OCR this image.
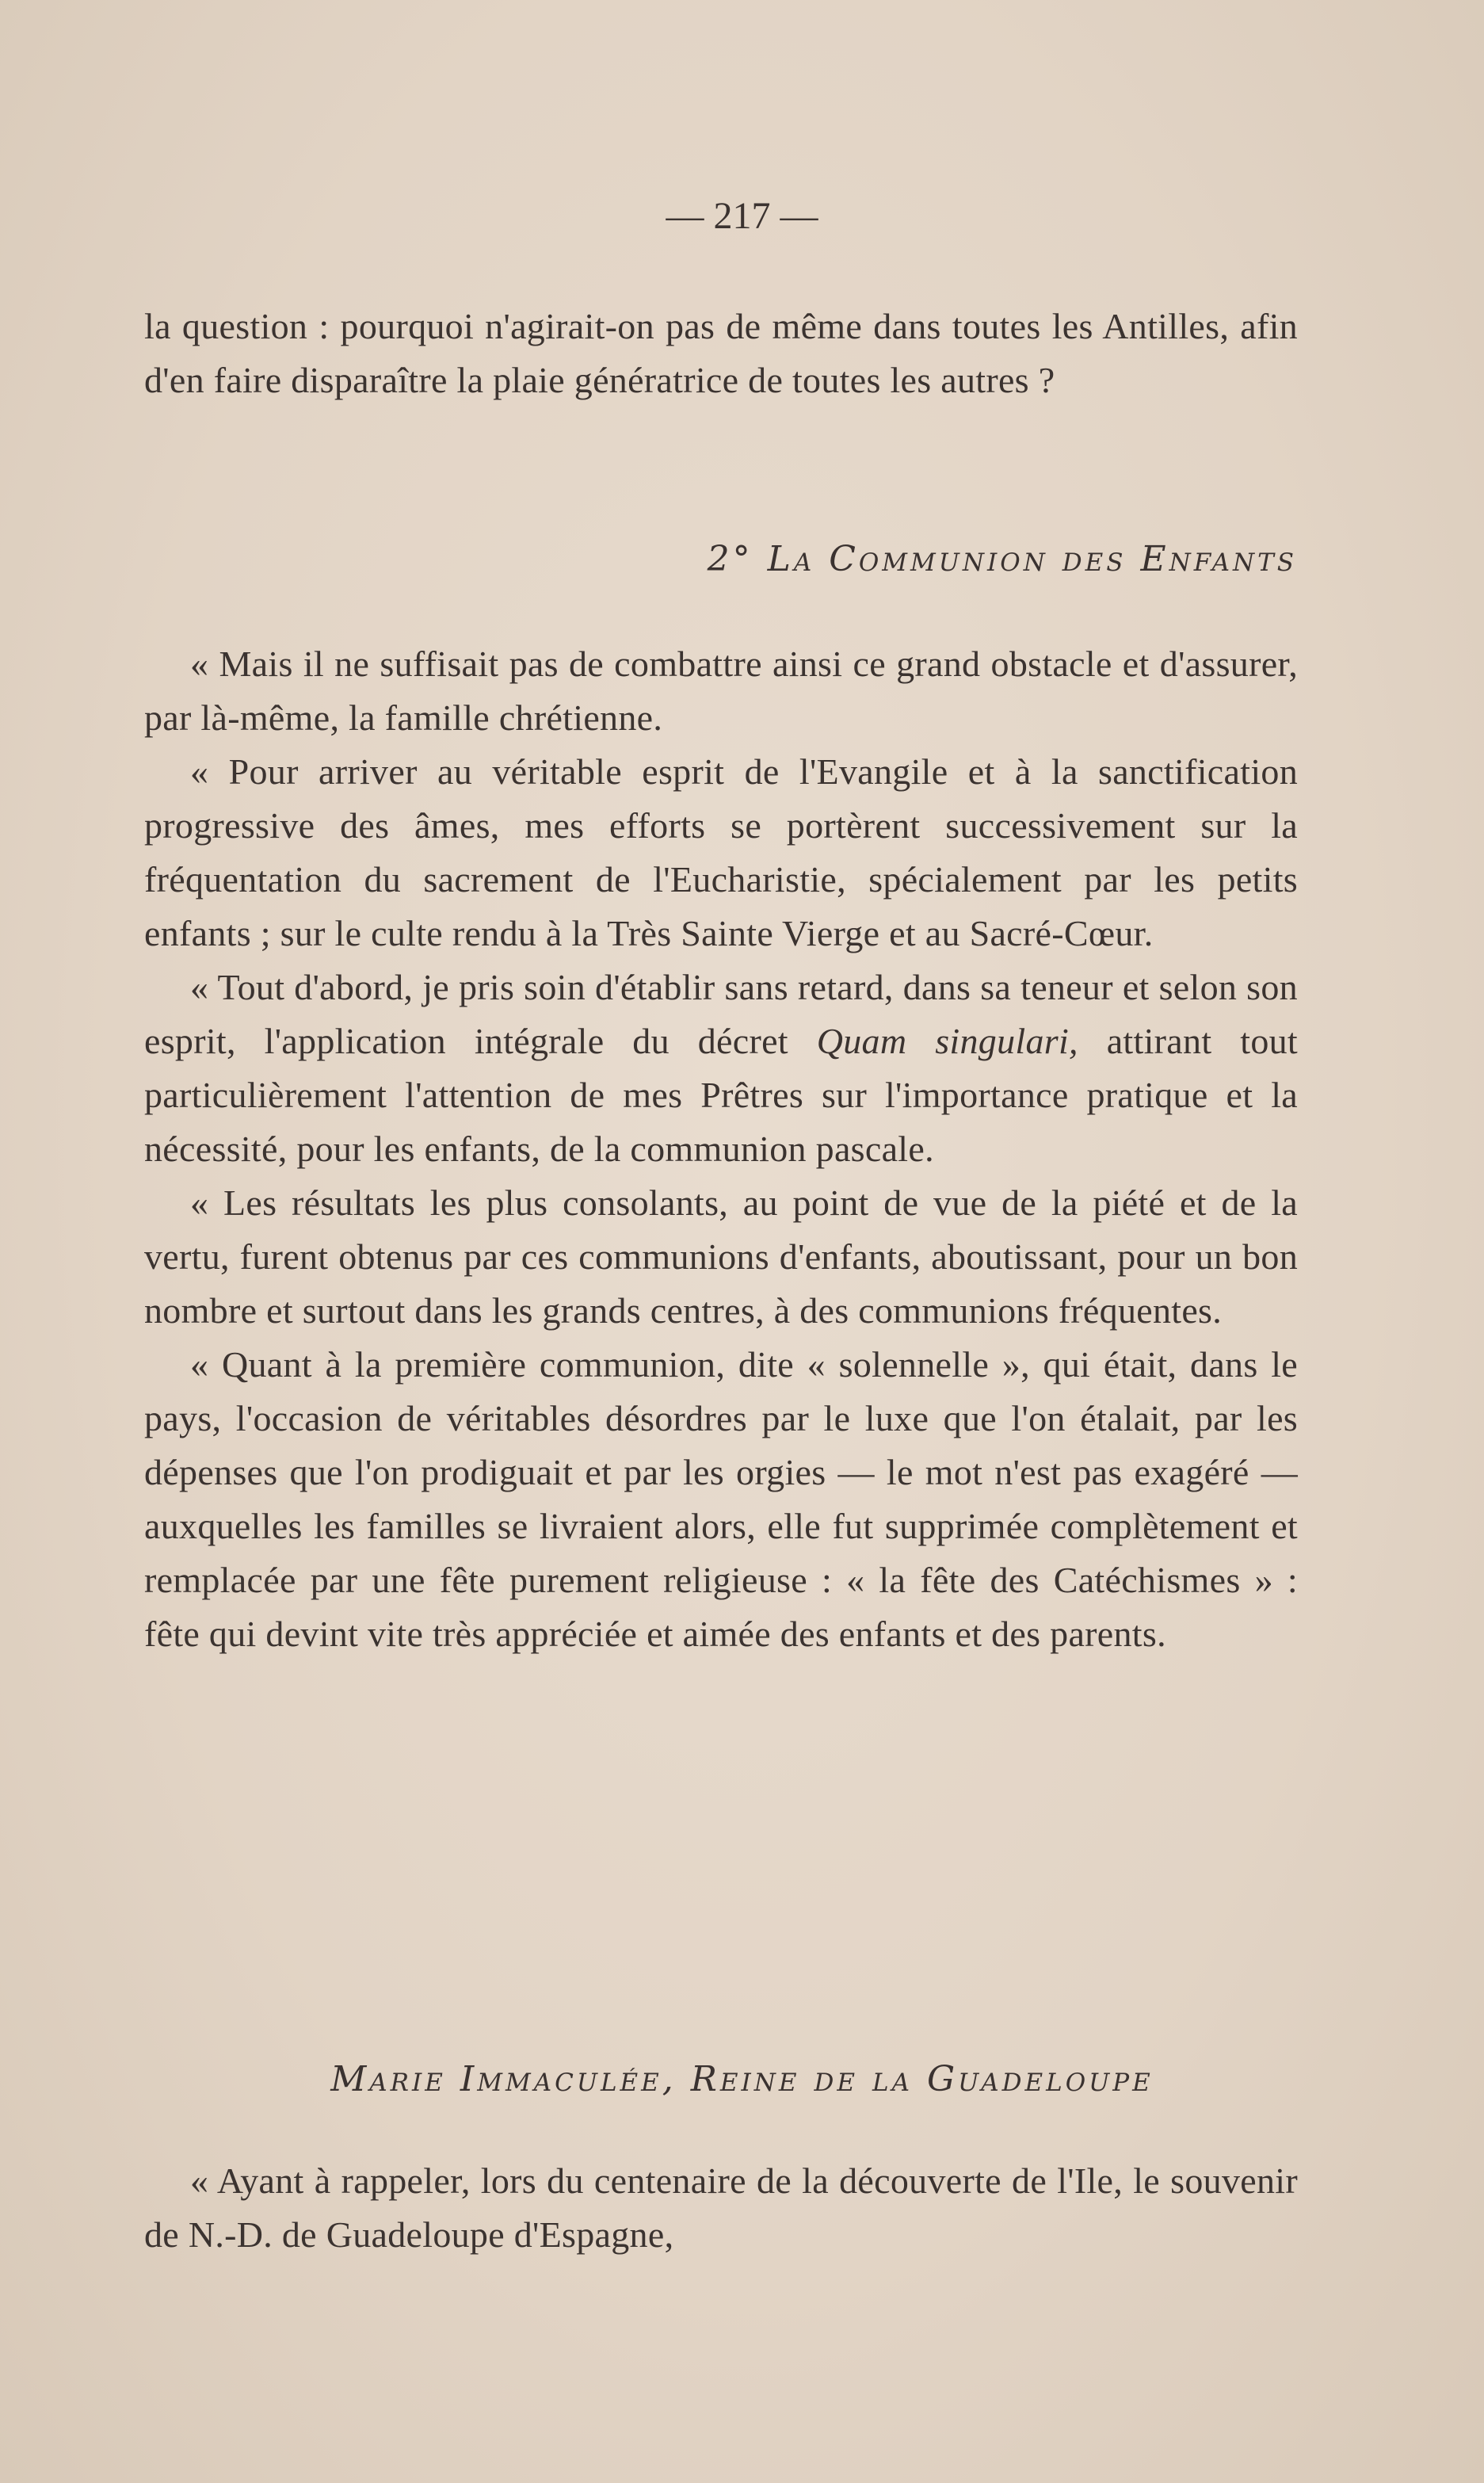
— 217 —

la question : pourquoi n'agirait-on pas de même dans toutes les Antilles, afin d'en faire disparaître la plaie génératrice de toutes les autres ?

2° La Communion des Enfants

« Mais il ne suffisait pas de combattre ainsi ce grand obstacle et d'assurer, par là-même, la famille chrétienne.

« Pour arriver au véritable esprit de l'Evangile et à la sanctification progressive des âmes, mes efforts se portèrent successivement sur la fréquentation du sacrement de l'Eucharistie, spécialement par les petits enfants ; sur le culte rendu à la Très Sainte Vierge et au Sacré-Cœur.

« Tout d'abord, je pris soin d'établir sans retard, dans sa teneur et selon son esprit, l'application intégrale du décret Quam singulari, attirant tout particulièrement l'attention de mes Prêtres sur l'importance pratique et la nécessité, pour les enfants, de la communion pascale.

« Les résultats les plus consolants, au point de vue de la piété et de la vertu, furent obtenus par ces communions d'enfants, aboutissant, pour un bon nombre et surtout dans les grands centres, à des communions fréquentes.

« Quant à la première communion, dite « solennelle », qui était, dans le pays, l'occasion de véritables désordres par le luxe que l'on étalait, par les dépenses que l'on prodiguait et par les orgies — le mot n'est pas exagéré — auxquelles les familles se livraient alors, elle fut supprimée complètement et remplacée par une fête purement religieuse : « la fête des Catéchismes » : fête qui devint vite très appréciée et aimée des enfants et des parents.

Marie Immaculée, Reine de la Guadeloupe

« Ayant à rappeler, lors du centenaire de la découverte de l'Ile, le souvenir de N.-D. de Guadeloupe d'Espagne,
